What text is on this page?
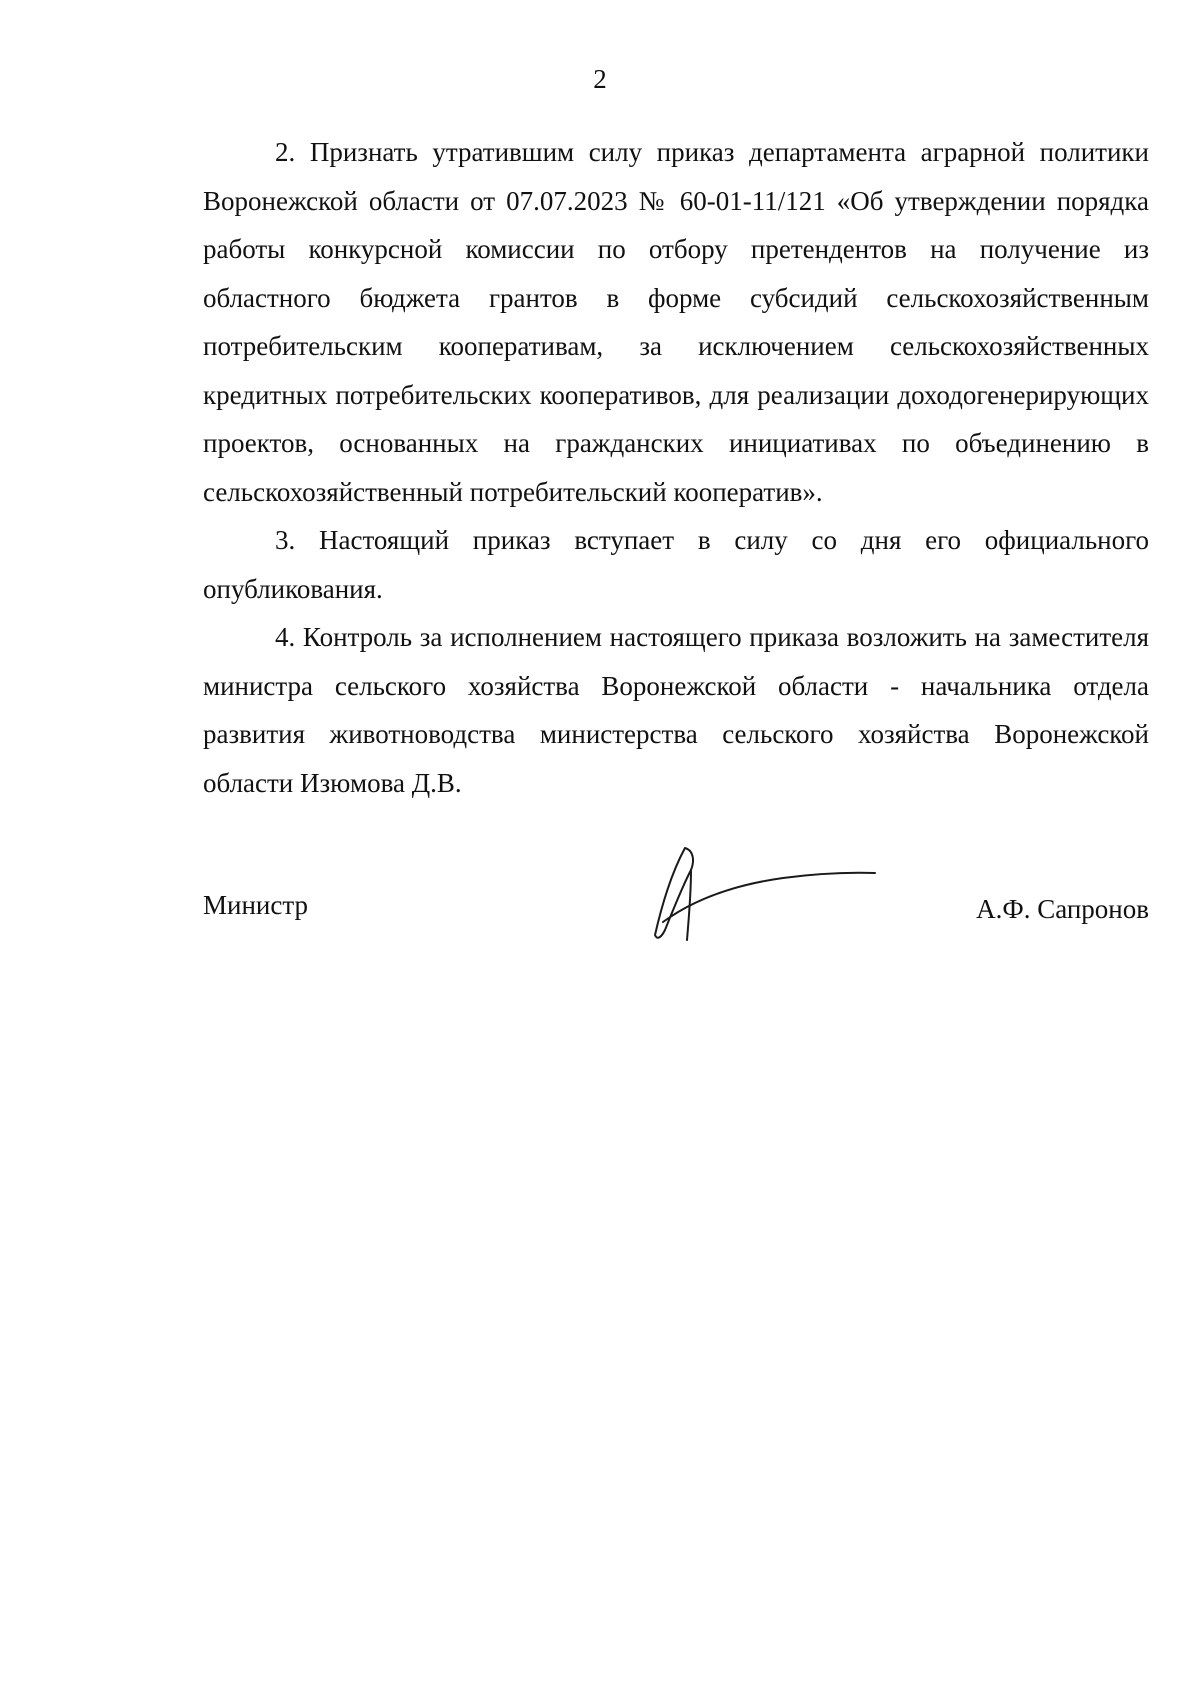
2

2. Признать утратившим силу приказ департамента аграрной политики Воронежской области от 07.07.2023 № 60-01-11/121 «Об утверждении порядка работы конкурсной комиссии по отбору претендентов на получение из областного бюджета грантов в форме субсидий сельскохозяйственным потребительским кооперативам, за исключением сельскохозяйственных кредитных потребительских кооперативов, для реализации доходогенерирующих проектов, основанных на гражданских инициативах по объединению в сельскохозяйственный потребительский кооператив».

3. Настоящий приказ вступает в силу со дня его официального опубликования.

4. Контроль за исполнением настоящего приказа возложить на заместителя министра сельского хозяйства Воронежской области - начальника отдела развития животноводства министерства сельского хозяйства Воронежской области Изюмова Д.В.

Министр	А.Ф. Сапронов
